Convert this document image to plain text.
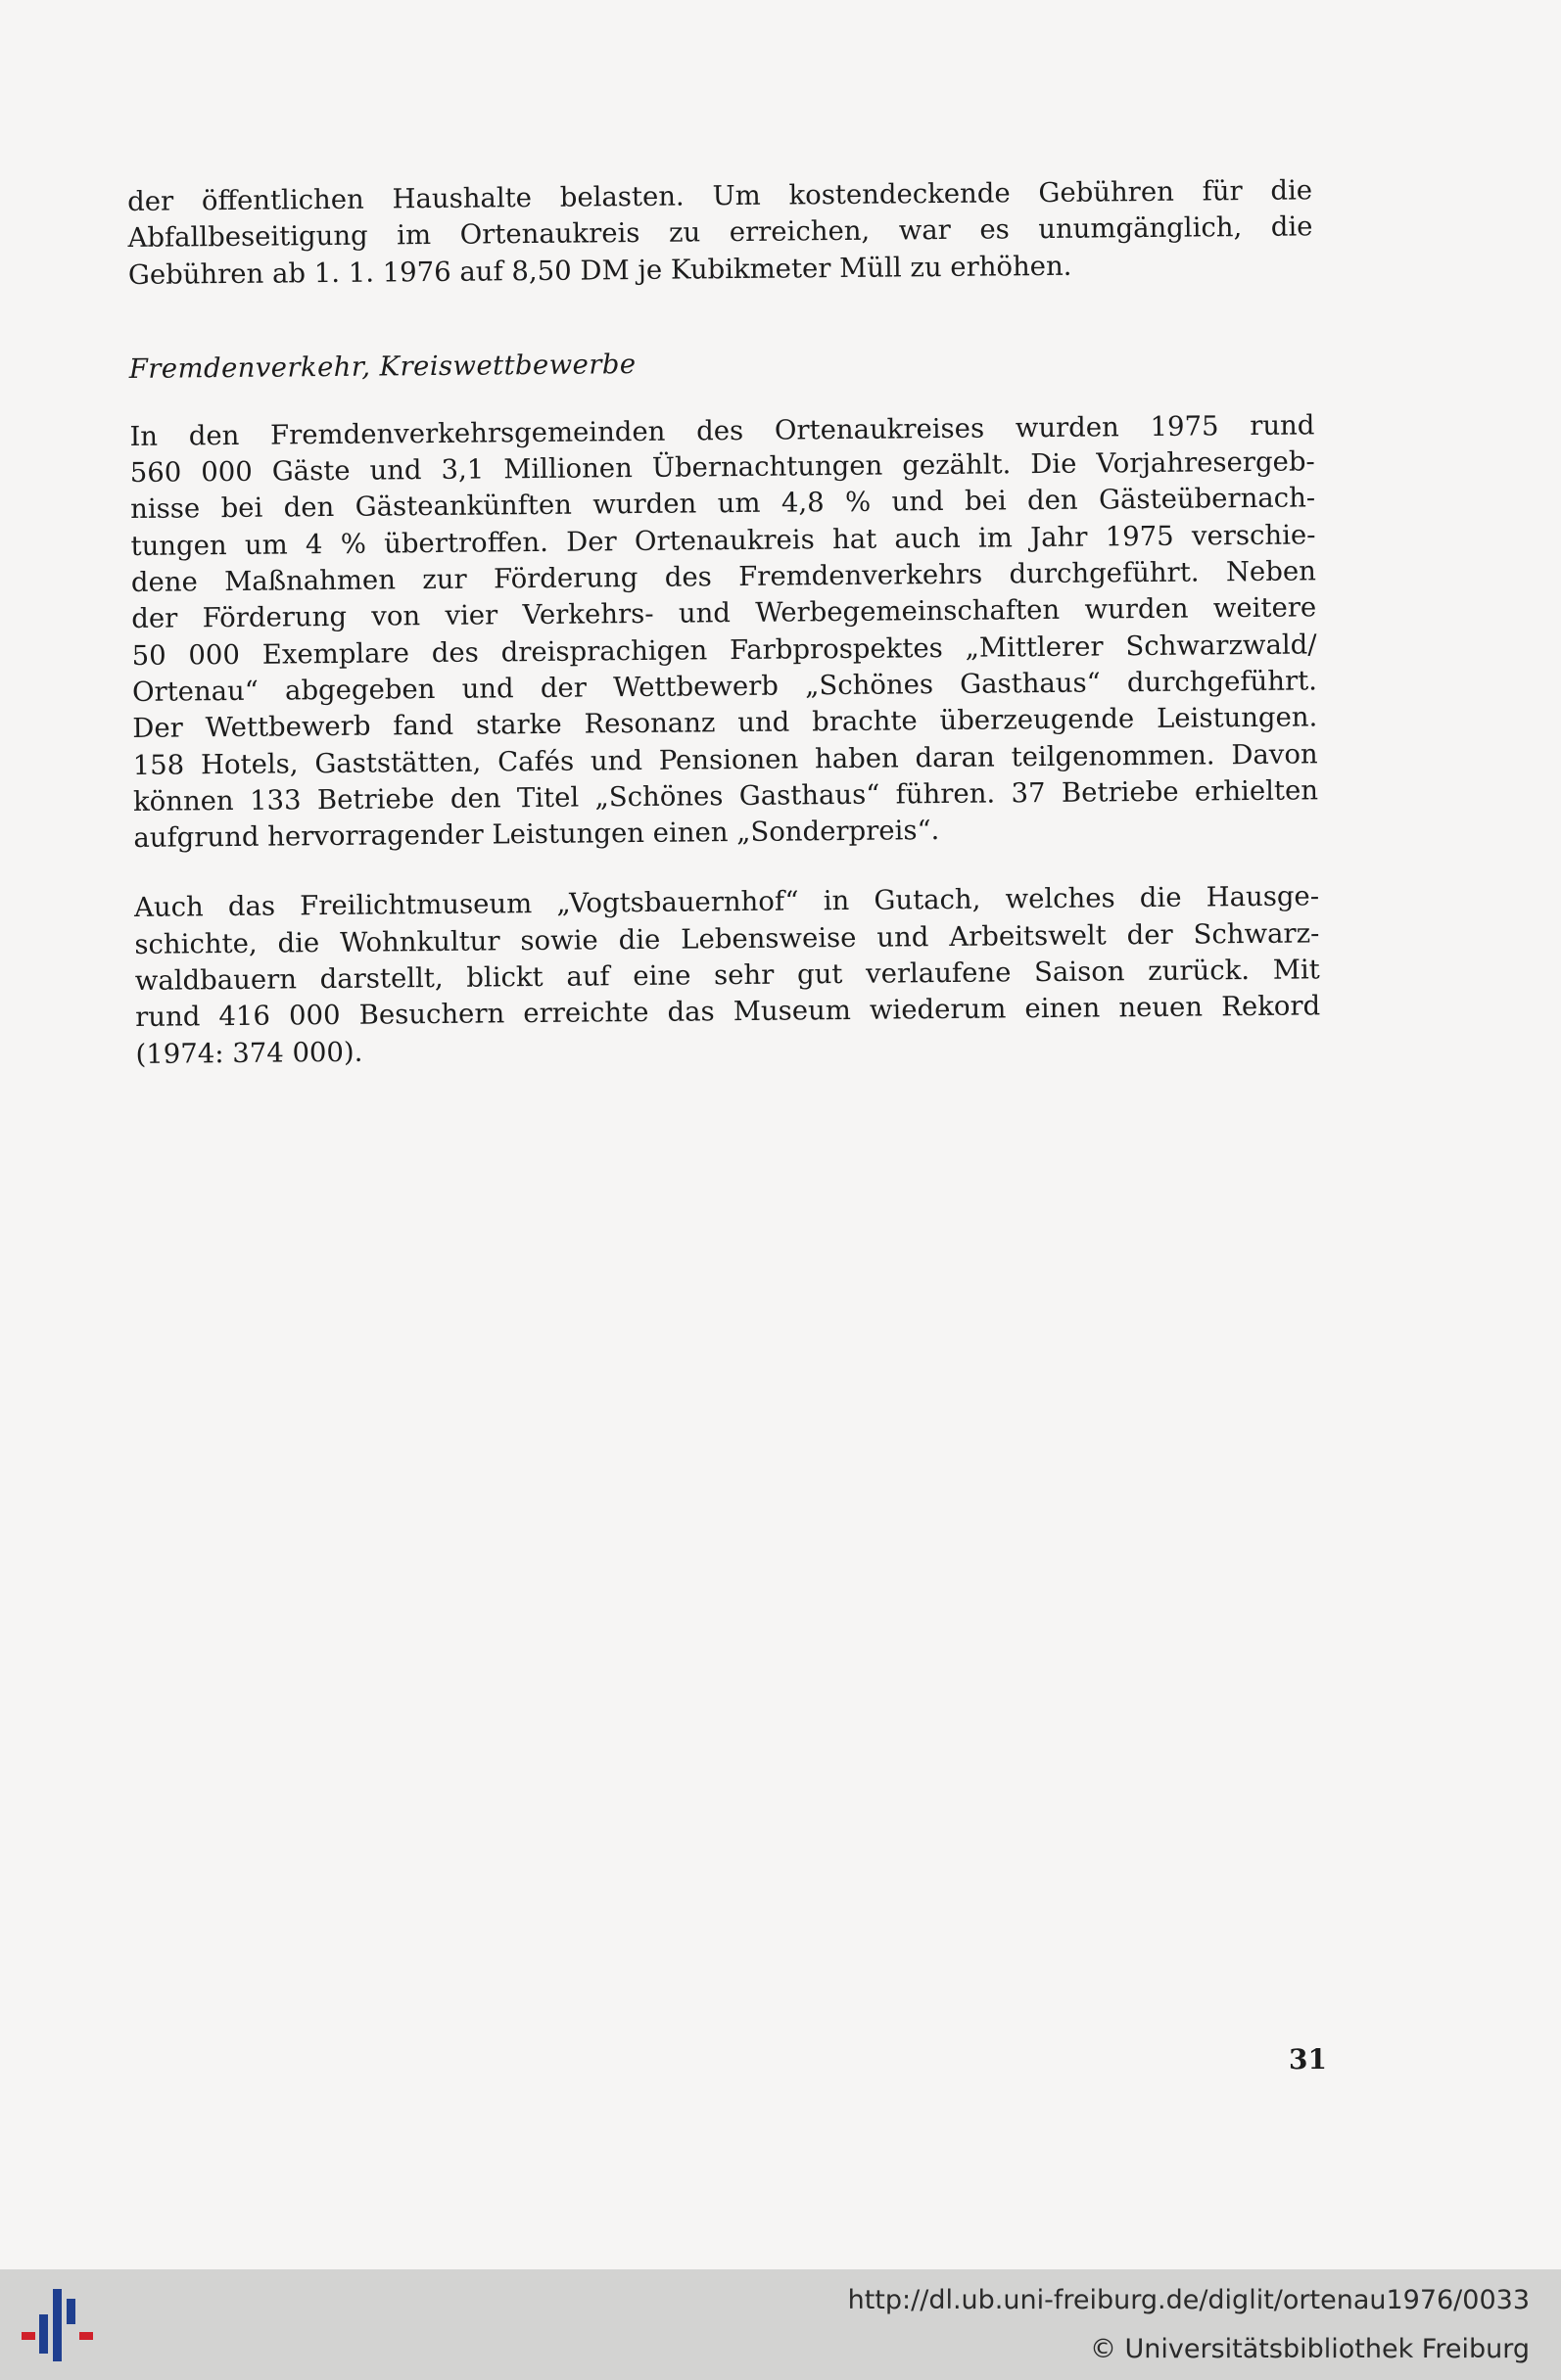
der öffentlichen Haushalte belasten. Um kostendeckende Gebühren für die
Abfallbeseitigung im Ortenaukreis zu erreichen, war es unumgänglich, die
Gebühren ab 1. 1. 1976 auf 8,50 DM je Kubikmeter Müll zu erhöhen.

Fremdenverkehr, Kreiswettbewerbe

In den Fremdenverkehrsgemeinden des Ortenaukreises wurden 1975 rund
560 000 Gäste und 3,1 Millionen Übernachtungen gezählt. Die Vorjahresergeb-
nisse bei den Gästeankünften wurden um 4,8 % und bei den Gästeübernach-
tungen um 4 % übertroffen. Der Ortenaukreis hat auch im Jahr 1975 verschie-
dene Maßnahmen zur Förderung des Fremdenverkehrs durchgeführt. Neben
der Förderung von vier Verkehrs- und Werbegemeinschaften wurden weitere
50 000 Exemplare des dreisprachigen Farbprospektes „Mittlerer Schwarzwald/
Ortenau“ abgegeben und der Wettbewerb „Schönes Gasthaus“ durchgeführt.
Der Wettbewerb fand starke Resonanz und brachte überzeugende Leistungen.
158 Hotels, Gaststätten, Cafés und Pensionen haben daran teilgenommen. Davon
können 133 Betriebe den Titel „Schönes Gasthaus“ führen. 37 Betriebe erhielten
aufgrund hervorragender Leistungen einen „Sonderpreis“.

Auch das Freilichtmuseum „Vogtsbauernhof“ in Gutach, welches die Hausge-
schichte, die Wohnkultur sowie die Lebensweise und Arbeitswelt der Schwarz-
waldbauern darstellt, blickt auf eine sehr gut verlaufene Saison zurück. Mit
rund 416 000 Besuchern erreichte das Museum wiederum einen neuen Rekord
(1974: 374 000).

31
http://dl.ub.uni-freiburg.de/diglit/ortenau1976/0033
© Universitätsbibliothek Freiburg
